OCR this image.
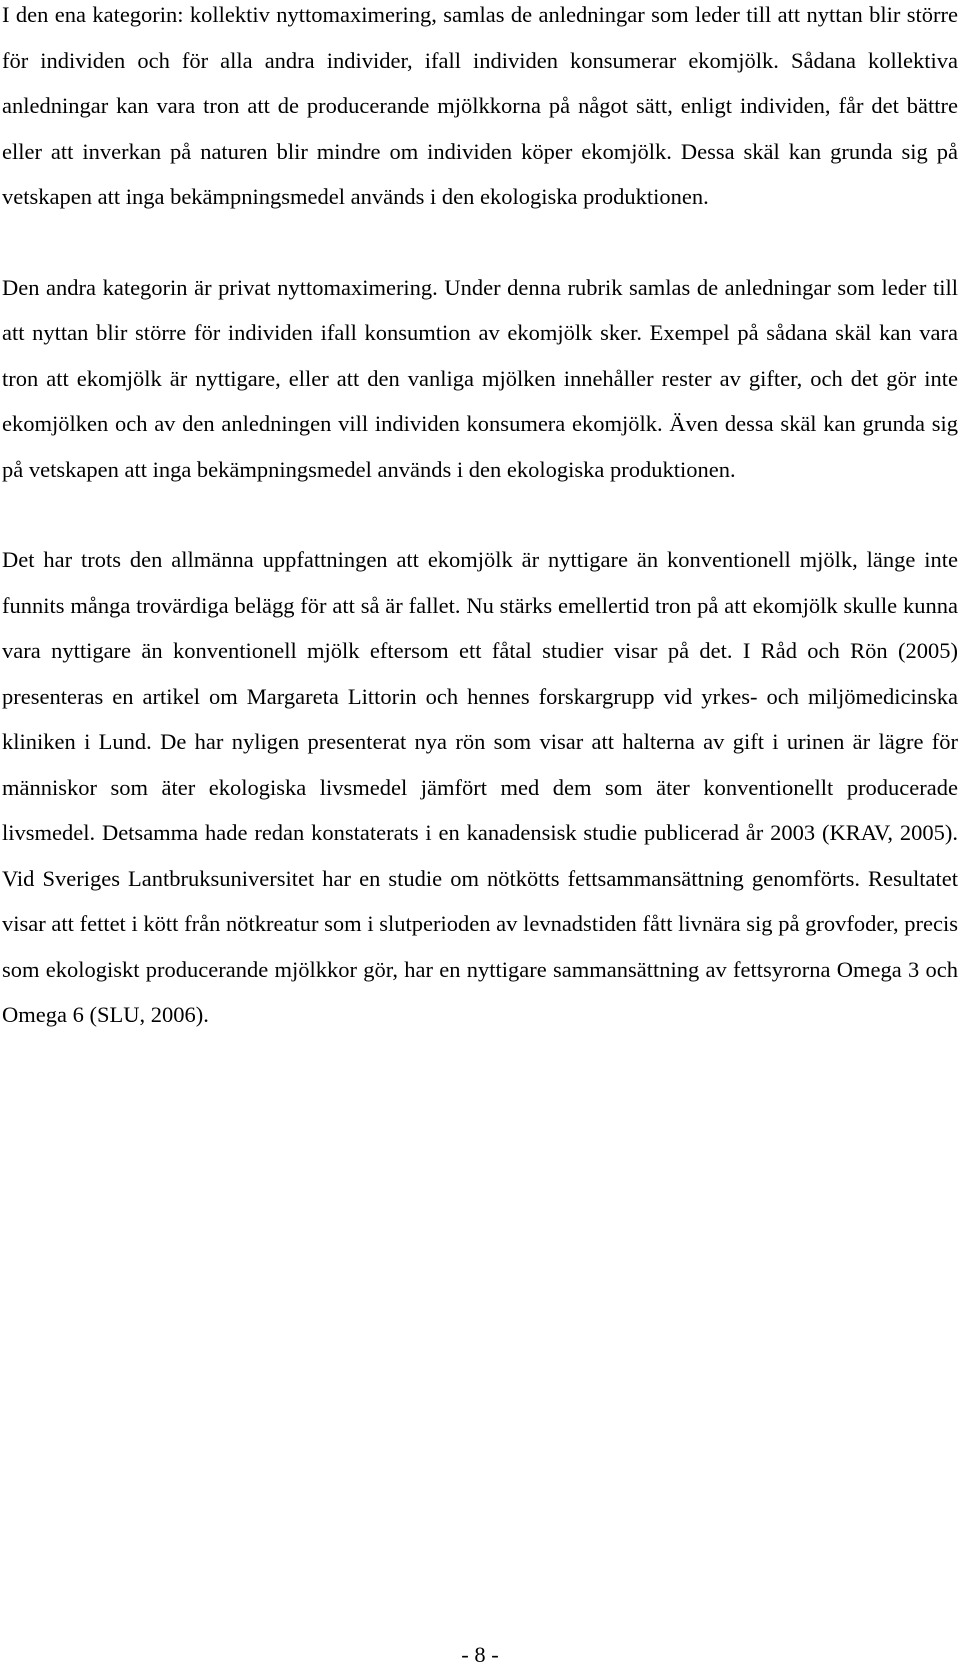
I den ena kategorin: kollektiv nyttomaximering, samlas de anledningar som leder till att nyttan blir större för individen och för alla andra individer, ifall individen konsumerar ekomjölk. Sådana kollektiva anledningar kan vara tron att de producerande mjölkkorna på något sätt, enligt individen, får det bättre eller att inverkan på naturen blir mindre om individen köper ekomjölk. Dessa skäl kan grunda sig på vetskapen att inga bekämpningsmedel används i den ekologiska produktionen.

Den andra kategorin är privat nyttomaximering. Under denna rubrik samlas de anledningar som leder till att nyttan blir större för individen ifall konsumtion av ekomjölk sker. Exempel på sådana skäl kan vara tron att ekomjölk är nyttigare, eller att den vanliga mjölken innehåller rester av gifter, och det gör inte ekomjölken och av den anledningen vill individen konsumera ekomjölk. Även dessa skäl kan grunda sig på vetskapen att inga bekämpningsmedel används i den ekologiska produktionen.

Det har trots den allmänna uppfattningen att ekomjölk är nyttigare än konventionell mjölk, länge inte funnits många trovärdiga belägg för att så är fallet. Nu stärks emellertid tron på att ekomjölk skulle kunna vara nyttigare än konventionell mjölk eftersom ett fåtal studier visar på det. I Råd och Rön (2005) presenteras en artikel om Margareta Littorin och hennes forskargrupp vid yrkes- och miljömedicinska kliniken i Lund. De har nyligen presenterat nya rön som visar att halterna av gift i urinen är lägre för människor som äter ekologiska livsmedel jämfört med dem som äter konventionellt producerade livsmedel. Detsamma hade redan konstaterats i en kanadensisk studie publicerad år 2003 (KRAV, 2005). Vid Sveriges Lantbruksuniversitet har en studie om nötkötts fettsammansättning genomförts. Resultatet visar att fettet i kött från nötkreatur som i slutperioden av levnadstiden fått livnära sig på grovfoder, precis som ekologiskt producerande mjölkkor gör, har en nyttigare sammansättning av fettsyrorna Omega 3 och Omega 6 (SLU, 2006).

- 8 -
